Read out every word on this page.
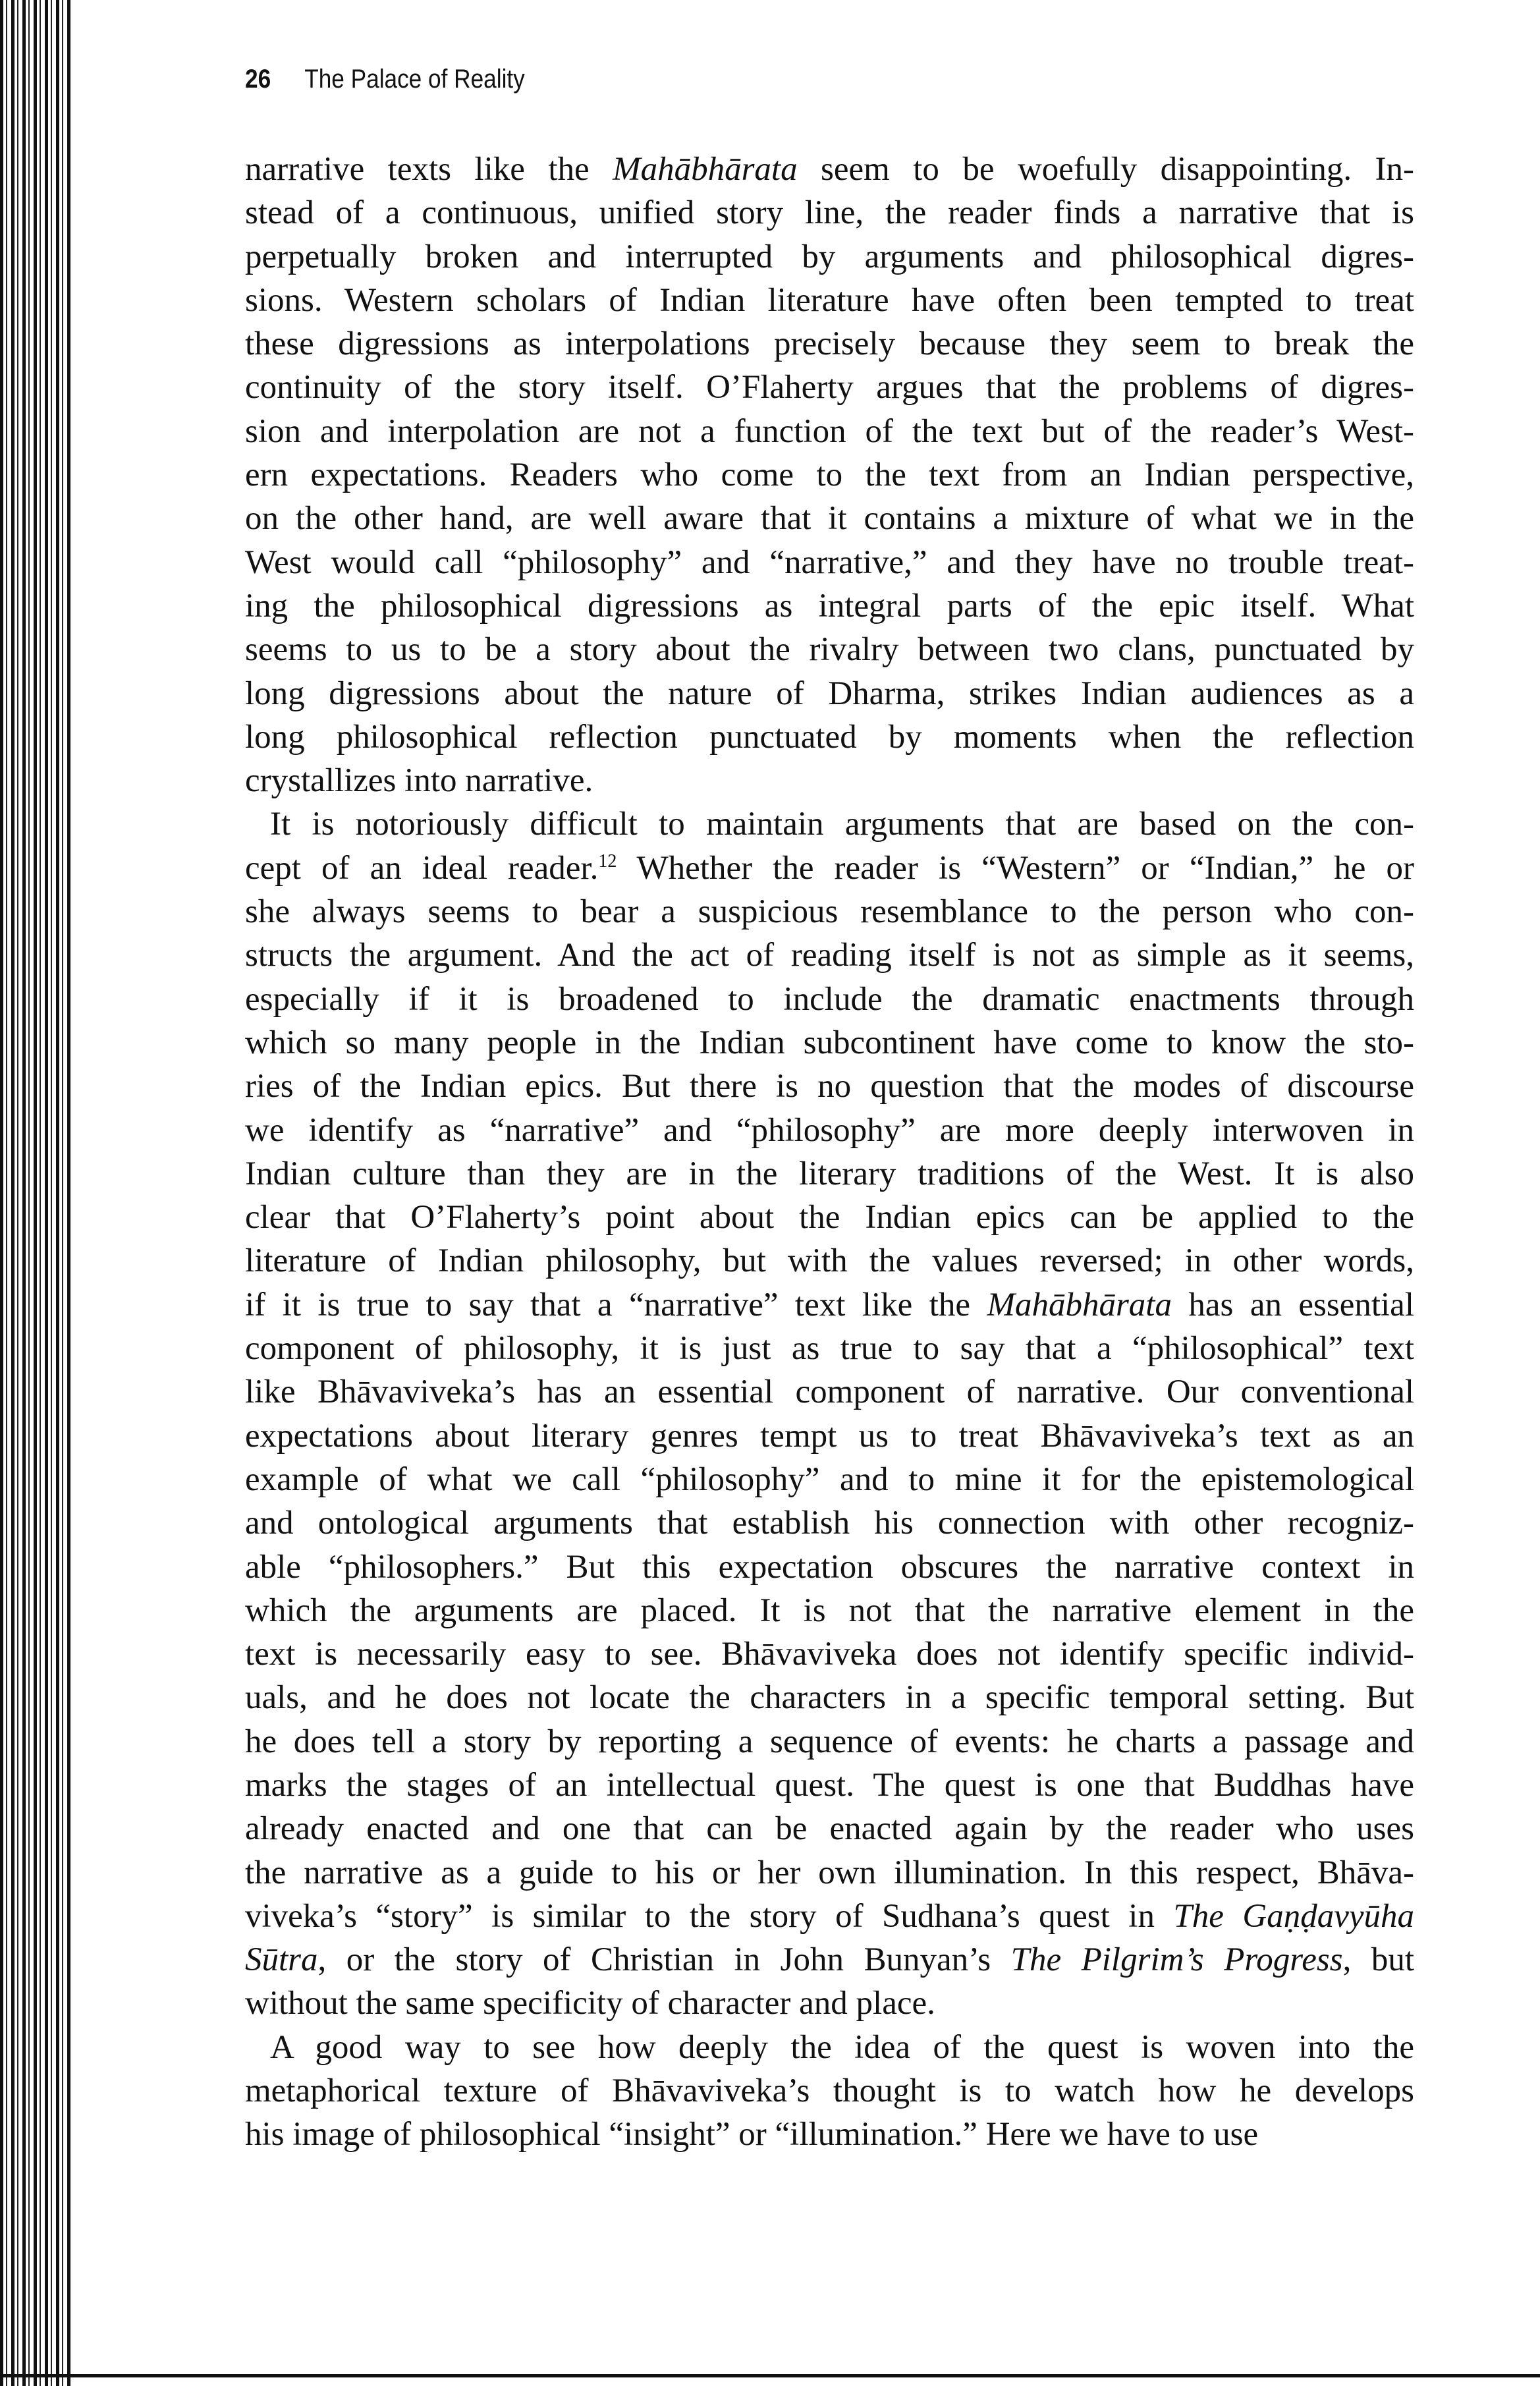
26 The Palace of Reality
narrative texts like the Mahābhārata seem to be woefully disappointing. In-
stead of a continuous, unified story line, the reader finds a narrative that is
perpetually broken and interrupted by arguments and philosophical digres-
sions. Western scholars of Indian literature have often been tempted to treat
these digressions as interpolations precisely because they seem to break the
continuity of the story itself. O’Flaherty argues that the problems of digres-
sion and interpolation are not a function of the text but of the reader’s West-
ern expectations. Readers who come to the text from an Indian perspective,
on the other hand, are well aware that it contains a mixture of what we in the
West would call “philosophy” and “narrative,” and they have no trouble treat-
ing the philosophical digressions as integral parts of the epic itself. What
seems to us to be a story about the rivalry between two clans, punctuated by
long digressions about the nature of Dharma, strikes Indian audiences as a
long philosophical reflection punctuated by moments when the reflection
crystallizes into narrative.
It is notoriously difficult to maintain arguments that are based on the con-
cept of an ideal reader.$^{12}$ Whether the reader is “Western” or “Indian,” he or
she always seems to bear a suspicious resemblance to the person who con-
structs the argument. And the act of reading itself is not as simple as it seems,
especially if it is broadened to include the dramatic enactments through
which so many people in the Indian subcontinent have come to know the sto-
ries of the Indian epics. But there is no question that the modes of discourse
we identify as “narrative” and “philosophy” are more deeply interwoven in
Indian culture than they are in the literary traditions of the West. It is also
clear that O’Flaherty’s point about the Indian epics can be applied to the
literature of Indian philosophy, but with the values reversed; in other words,
if it is true to say that a “narrative” text like the Mahābhārata has an essential
component of philosophy, it is just as true to say that a “philosophical” text
like Bhāvaviveka’s has an essential component of narrative. Our conventional
expectations about literary genres tempt us to treat Bhāvaviveka’s text as an
example of what we call “philosophy” and to mine it for the epistemological
and ontological arguments that establish his connection with other recogniz-
able “philosophers.” But this expectation obscures the narrative context in
which the arguments are placed. It is not that the narrative element in the
text is necessarily easy to see. Bhāvaviveka does not identify specific individ-
uals, and he does not locate the characters in a specific temporal setting. But
he does tell a story by reporting a sequence of events: he charts a passage and
marks the stages of an intellectual quest. The quest is one that Buddhas have
already enacted and one that can be enacted again by the reader who uses
the narrative as a guide to his or her own illumination. In this respect, Bhāva-
viveka’s “story” is similar to the story of Sudhana’s quest in The Gaṇḍavyūha
Sūtra, or the story of Christian in John Bunyan’s The Pilgrim’s Progress, but
without the same specificity of character and place.
A good way to see how deeply the idea of the quest is woven into the
metaphorical texture of Bhāvaviveka’s thought is to watch how he develops
his image of philosophical “insight” or “illumination.” Here we have to use
